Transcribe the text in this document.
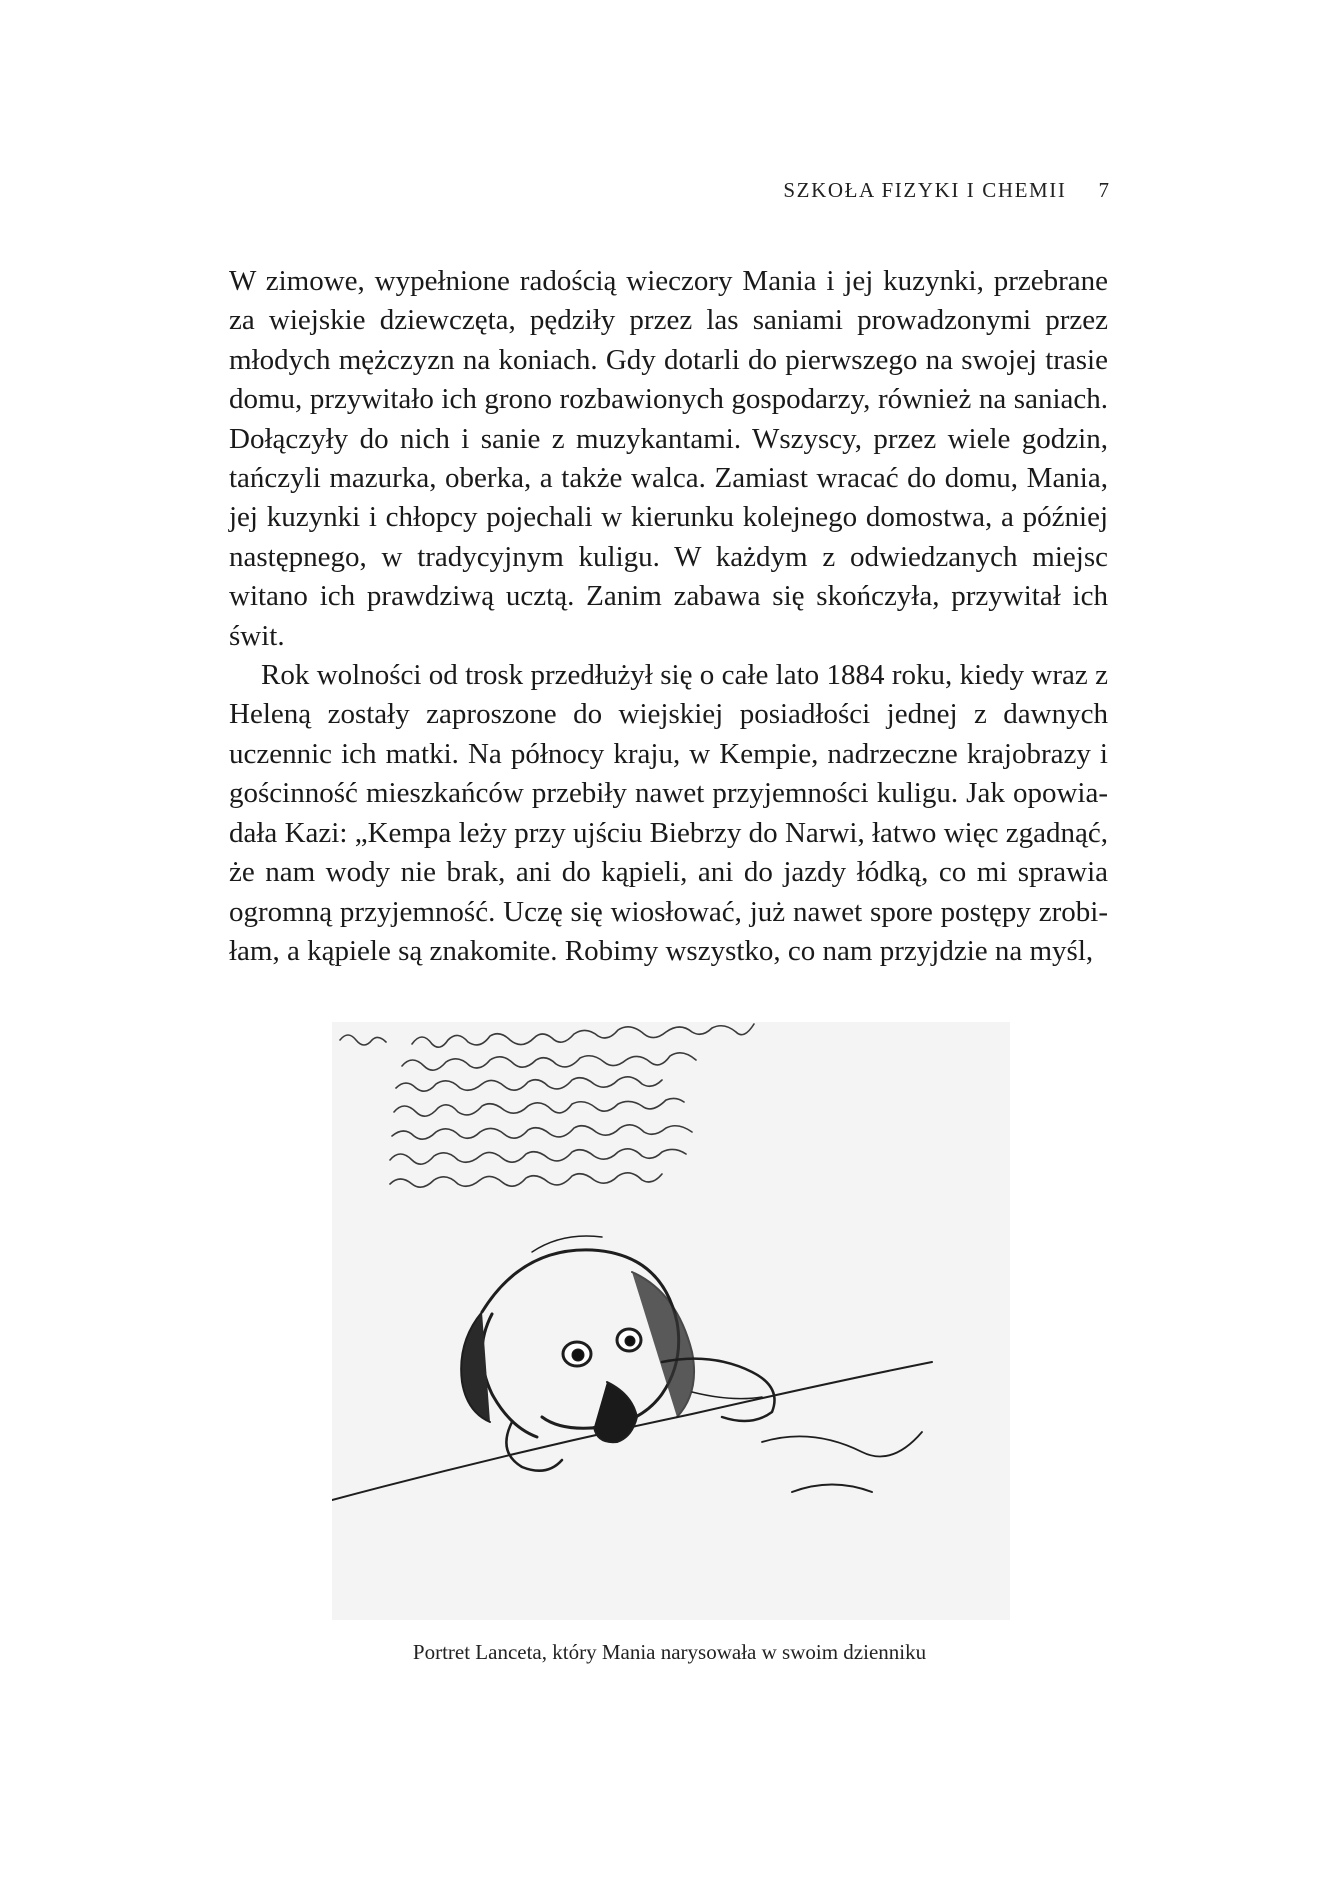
SZKOŁA FIZYKI I CHEMII 7

W zimowe, wypełnione radością wieczory Mania i jej kuzynki, przebrane za wiejskie dziewczęta, pędziły przez las saniami prowadzonymi przez młodych mężczyzn na koniach. Gdy dotarli do pierwszego na swojej trasie domu, przywitało ich grono rozbawionych gospodarzy, również na saniach. Dołączyły do nich i sanie z muzykantami. Wszyscy, przez wiele godzin, tańczyli mazurka, oberka, a także walca. Zamiast wracać do domu, Mania, jej kuzynki i chłopcy pojechali w kierunku kolejnego domostwa, a później następnego, w tradycyjnym kuligu. W każdym z odwiedzanych miejsc witano ich prawdziwą ucztą. Zanim zabawa się skończyła, przywitał ich świt.

Rok wolności od trosk przedłużył się o całe lato 1884 roku, kiedy wraz z Heleną zostały zaproszone do wiejskiej posiadłości jednej z dawnych uczennic ich matki. Na północy kraju, w Kempie, nadrzeczne krajobrazy i gościnność mieszkańców przebiły nawet przyjemności kuligu. Jak opowiadała Kazi: „Kempa leży przy ujściu Biebrzy do Narwi, łatwo więc zgadnąć, że nam wody nie brak, ani do kąpieli, ani do jazdy łódką, co mi sprawia ogromną przyjemność. Uczę się wiosłować, już nawet spore postępy zrobiłam, a kąpiele są znakomite. Robimy wszystko, co nam przyjdzie na myśl,

Portret Lanceta, który Mania narysowała w swoim dzienniku
